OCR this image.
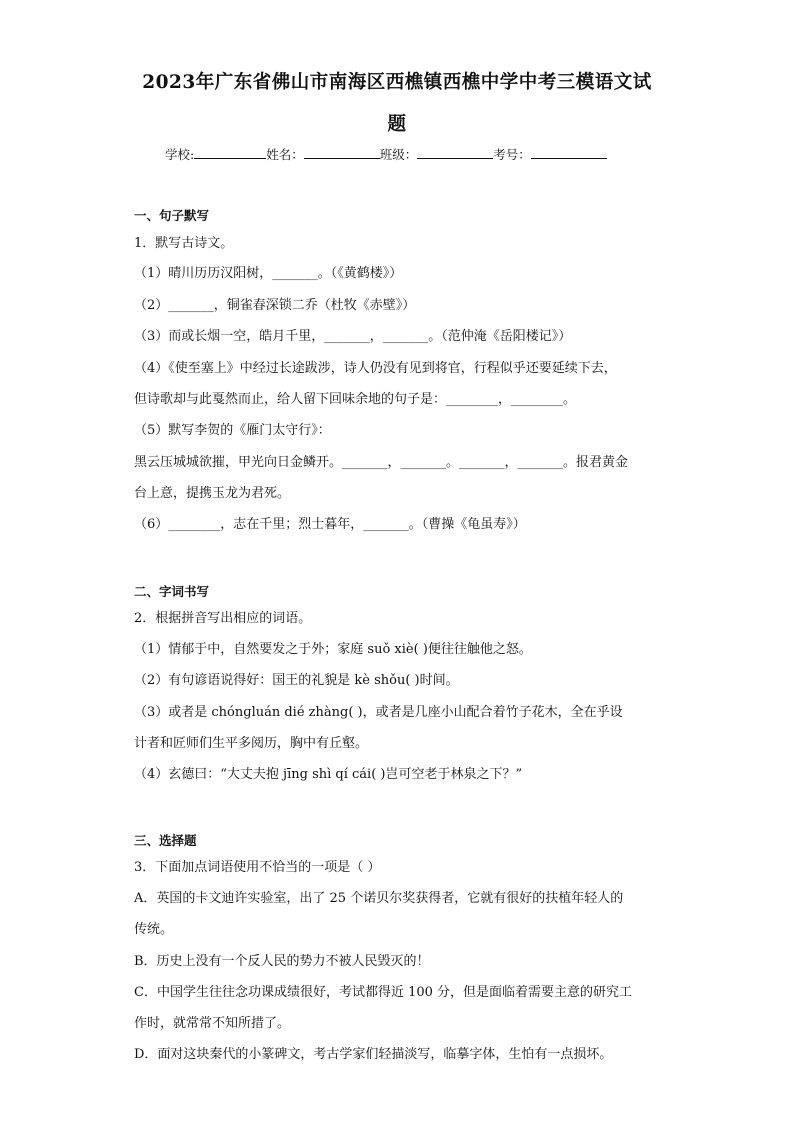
2023年广东省佛山市南海区西樵镇西樵中学中考三模语文试
题
学校:	姓名：	班级：	考号：
一、句子默写
1．默写古诗文。
（1）晴川历历汉阳树，_______。（《黄鹤楼》）
（2）_______，铜雀春深锁二乔（杜牧《赤壁》）
（3）而或长烟一空，皓月千里，_______，_______。（范仲淹《岳阳楼记》）
（4）《使至塞上》中经过长途跋涉，诗人仍没有见到将官，行程似乎还要延续下去，
但诗歌却与此戛然而止，给人留下回味余地的句子是：________，________。
（5）默写李贺的《雁门太守行》：
黑云压城城欲摧，甲光向日金鳞开。_______，_______。_______，_______。报君黄金
台上意，提携玉龙为君死。
（6）________，志在千里；烈士暮年，_______。（曹操《龟虽寿》）
二、字词书写
2．根据拼音写出相应的词语。
（1）情郁于中，自然要发之于外；家庭 suǒ xiè( )便往往触他之怒。
（2）有句谚语说得好：国王的礼貌是 kè shǒu( )时间。
（3）或者是 chónɡluán dié zhàng( )，或者是几座小山配合着竹子花木，全在乎设
计者和匠师们生平多阅历，胸中有丘壑。
（4）玄德曰：“大丈夫抱 jīng shì qí cái( )岂可空老于林泉之下？”
三、选择题
3．下面加点词语使用不恰当的一项是（ ）
A．英国的卡文迪许实验室，出了 25 个诺贝尔奖获得者，它就有很好的扶植年轻人的
传统。
B．历史上没有一个反人民的势力不被人民毁灭的！
C．中国学生往往念功课成绩很好，考试都得近 100 分，但是面临着需要主意的研究工
作时，就常常不知所措了。
D．面对这块秦代的小篆碑文，考古学家们轻描淡写，临摹字体，生怕有一点损坏。
